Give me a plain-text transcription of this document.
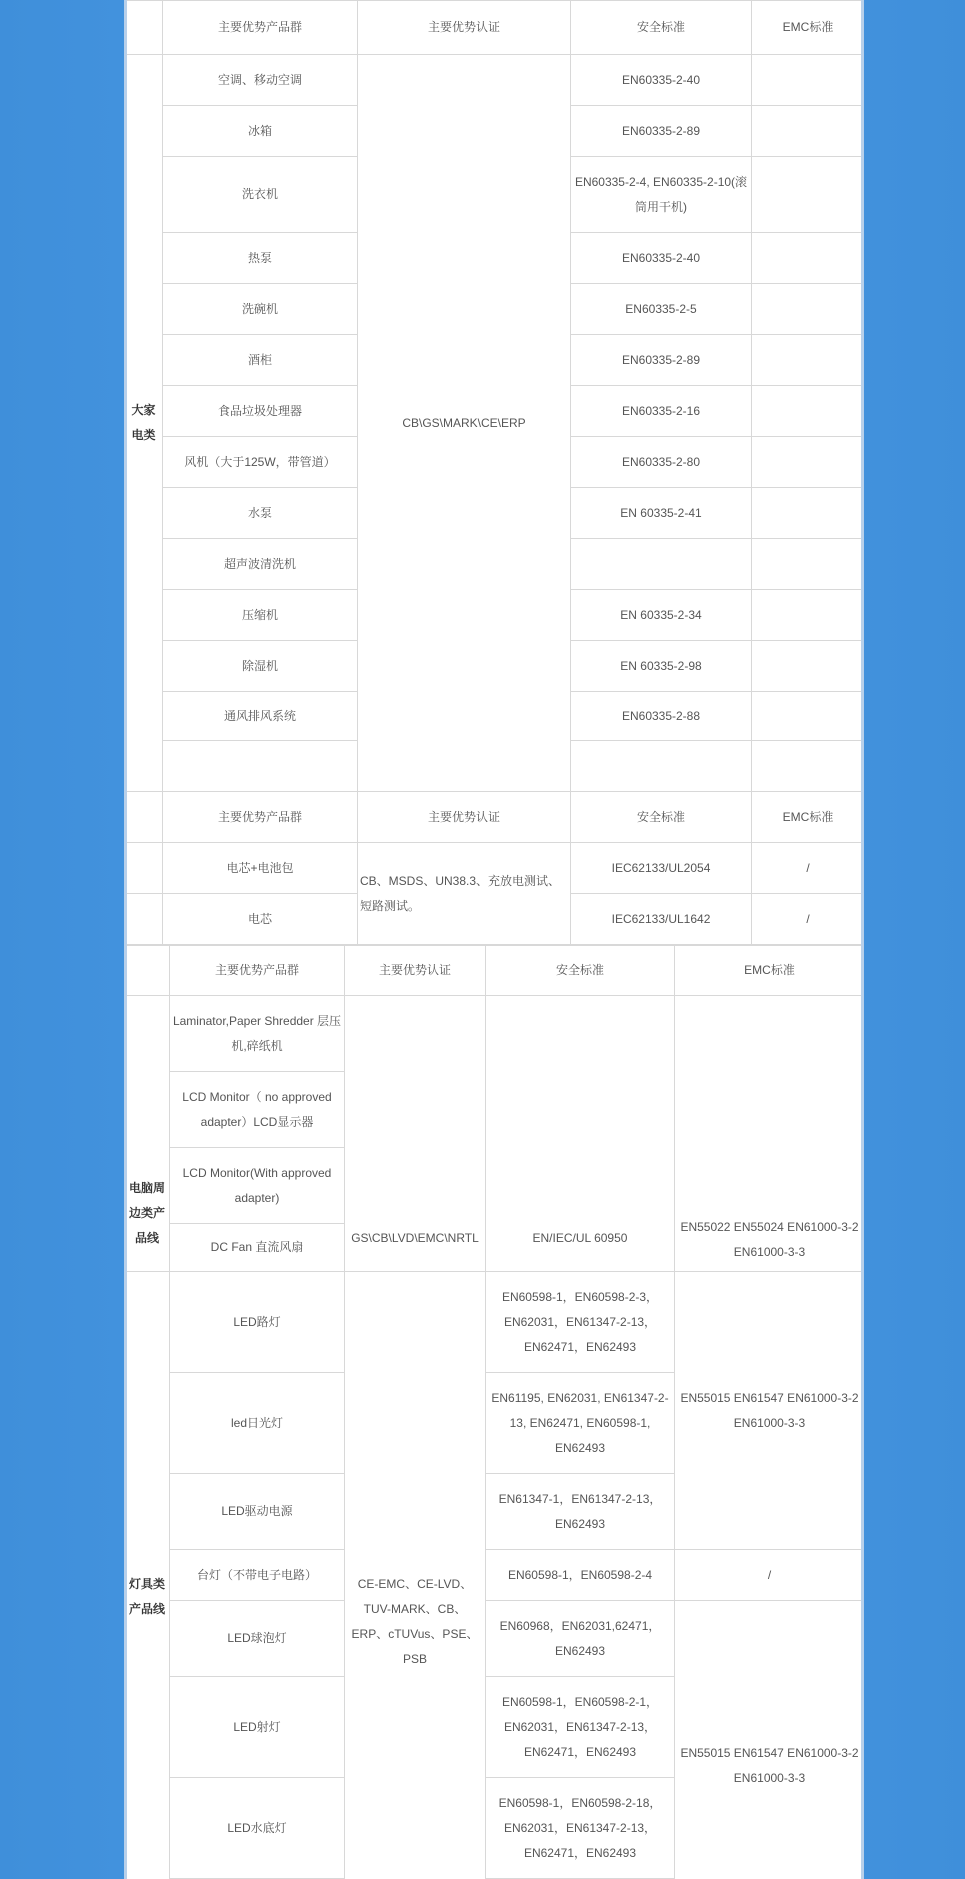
	主要优势产品群	主要优势认证	安全标准	EMC标准
大家电类	空调、移动空调	CB\GS\MARK\CE\ERP	EN60335-2-40	
	冰箱		EN60335-2-89	
	洗衣机		EN60335-2-4, EN60335-2-10(滚筒用干机)	
	热泵		EN60335-2-40	
	洗碗机		EN60335-2-5	
	酒柜		EN60335-2-89	
	食品垃圾处理器		EN60335-2-16	
	风机（大于125W，带管道）		EN60335-2-80	
	水泵		EN 60335-2-41	
	超声波清洗机			
	压缩机		EN 60335-2-34	
	除湿机		EN 60335-2-98	
	通风排风系统		EN60335-2-88	

	主要优势产品群	主要优势认证	安全标准	EMC标准
	电芯+电池包	CB、MSDS、UN38.3、充放电测试、短路测试。	IEC62133/UL2054	/
	电芯		IEC62133/UL1642	/
	主要优势产品群	主要优势认证	安全标准	EMC标准
电脑周边类产品线	Laminator,Paper Shredder 层压机,碎纸机	GS\CB\LVD\EMC\NRTL	EN/IEC/UL 60950	EN55022 EN55024 EN61000-3-2 EN61000-3-3
	LCD Monitor（ no approved adapter）LCD显示器			
	LCD Monitor(With approved adapter)			
	DC Fan 直流风扇			
灯具类产品线	LED路灯	CE-EMC、CE-LVD、TUV-MARK、CB、ERP、cTUVus、PSE、PSB	EN60598-1，EN60598-2-3，EN62031，EN61347-2-13，EN62471，EN62493	EN55015 EN61547 EN61000-3-2 EN61000-3-3
	led日光灯		EN61195, EN62031, EN61347-2-13, EN62471, EN60598-1, EN62493	
	LED驱动电源		EN61347-1，EN61347-2-13，EN62493	
	台灯（不带电子电路）		EN60598-1，EN60598-2-4	/
	LED球泡灯		EN60968，EN62031,62471，EN62493	EN55015 EN61547 EN61000-3-2 EN61000-3-3
	LED射灯		EN60598-1，EN60598-2-1，EN62031，EN61347-2-13，EN62471，EN62493	
	LED水底灯		EN60598-1，EN60598-2-18，EN62031，EN61347-2-13，EN62471，EN62493	
